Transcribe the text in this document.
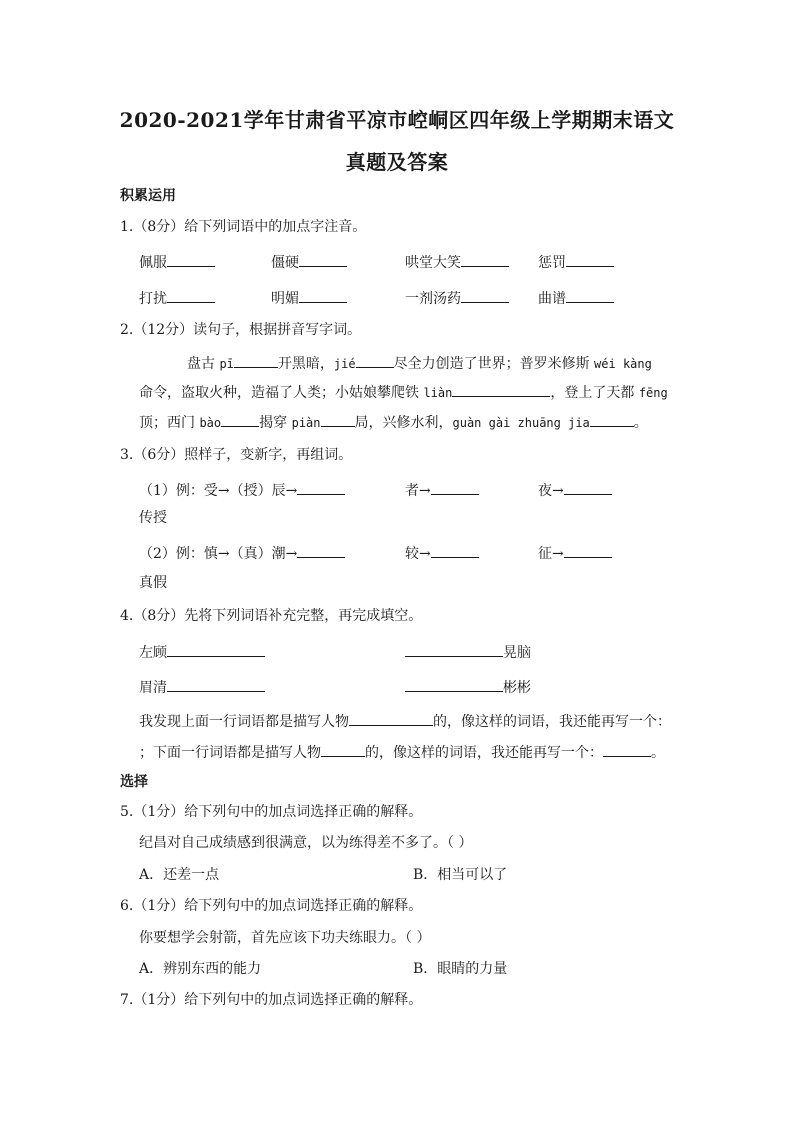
2020-2021学年甘肃省平凉市崆峒区四年级上学期期末语文
真题及答案
积累运用
1.（8分）给下列词语中的加点字注音。
佩服	僵硬	哄堂大笑	惩罚
打扰	明媚	一剂汤药	曲谱
2.（12分）读句子，根据拼音写字词。
盘古 pī	开黑暗，jié	尽全力创造了世界；普罗米修斯 wéi kàng
命令，盗取火种，造福了人类；小姑娘攀爬铁 liàn	，登上了天都 fēng
顶；西门 bào	揭穿 piàn 局，兴修水利，guàn gài zhuāng jia	。
3.（6分）照样子，变新字，再组词。
（1）例：受→（授）辰→	者→	夜→
传授
（2）例：慎→（真）潮→	较→	征→
真假
4.（8分）先将下列词语补充完整，再完成填空。
左顾	晃脑
眉清	彬彬
我发现上面一行词语都是描写人物	的，像这样的词语，我还能再写一个：
；下面一行词语都是描写人物	的，像这样的词语，我还能再写一个：	。
选择
5.（1分）给下列句中的加点词选择正确的解释。
纪昌对自己成绩感到很满意，以为练得差不多了。（ ）
A．还差一点	B．相当可以了
6.（1分）给下列句中的加点词选择正确的解释。
你要想学会射箭，首先应该下功夫练眼力。（ ）
A．辨别东西的能力	B．眼睛的力量
7.（1分）给下列句中的加点词选择正确的解释。
